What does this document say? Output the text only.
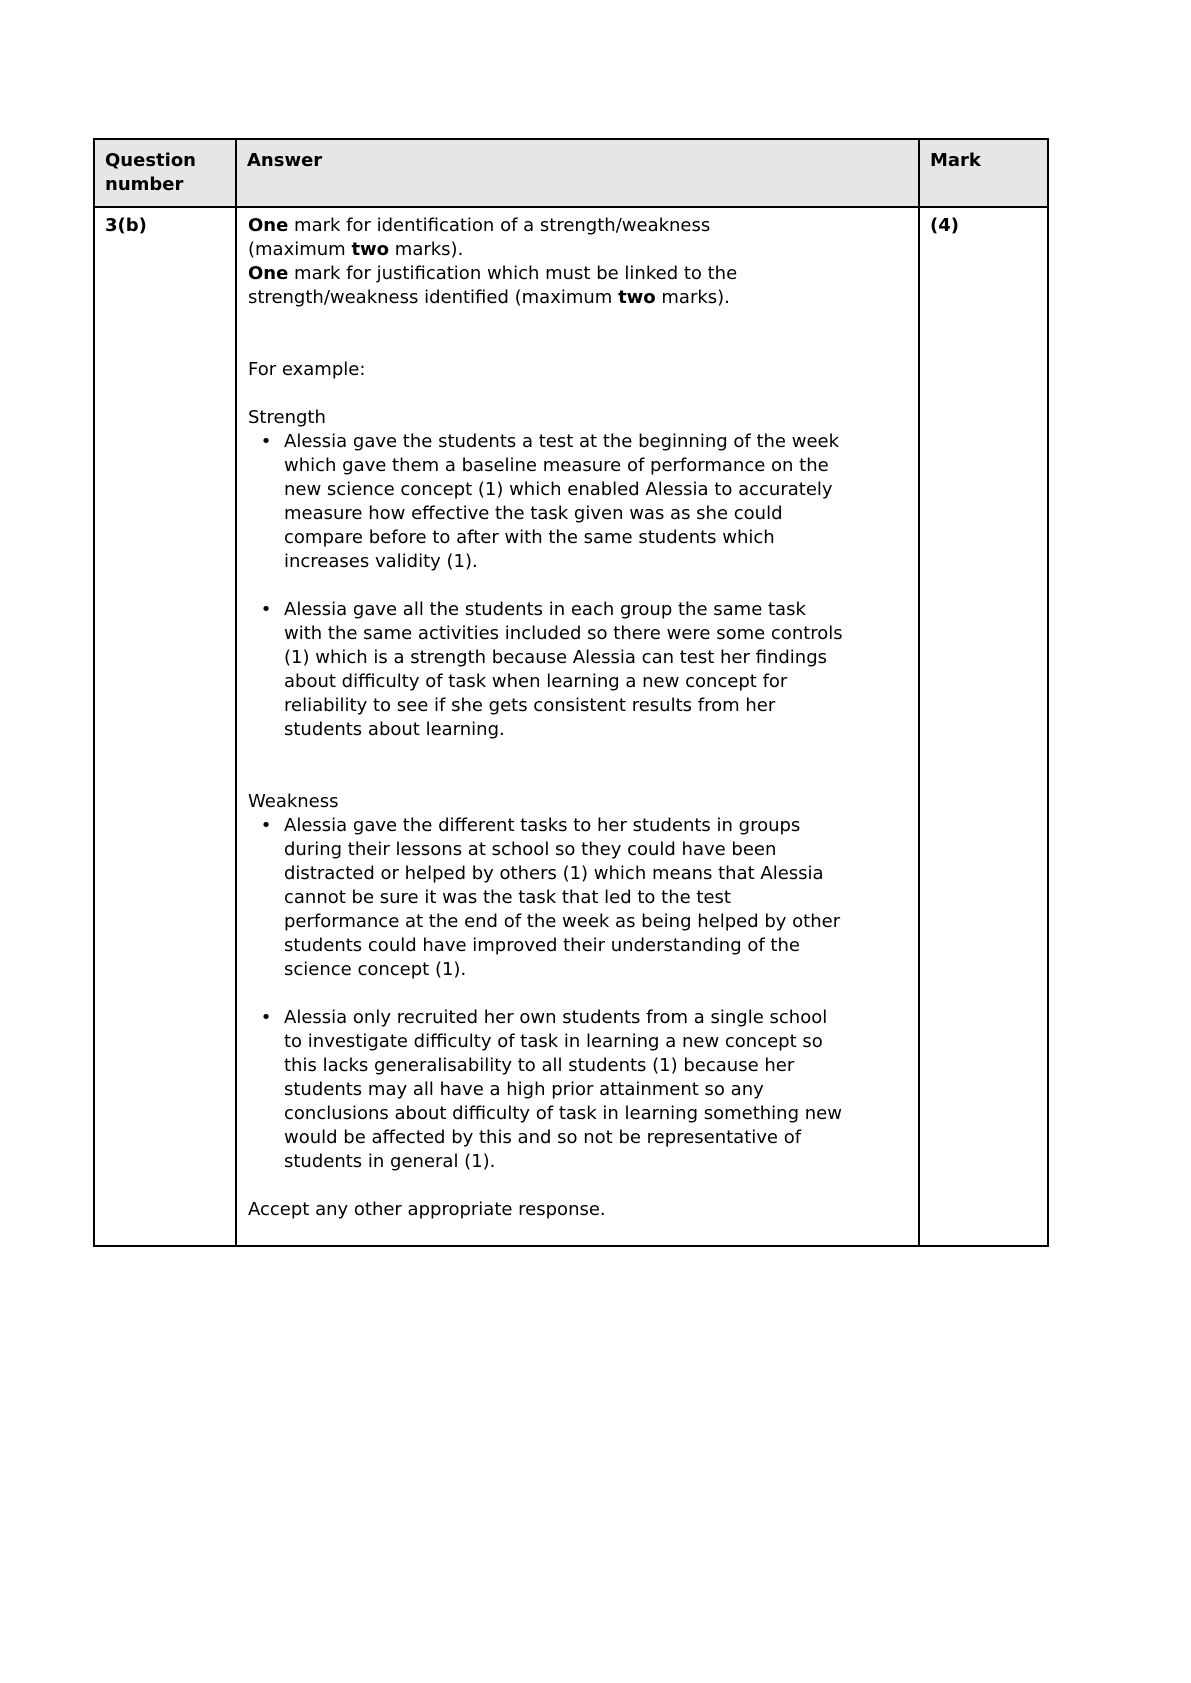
Question number
Answer	Mark
3(b)	One mark for identification of a strength/weakness
(maximum two marks).
One mark for justification which must be linked to the
strength/weakness identified (maximum two marks).
For example:
Strength
• Alessia gave the students a test at the beginning of the week
which gave them a baseline measure of performance on the
new science concept (1) which enabled Alessia to accurately
measure how effective the task given was as she could
compare before to after with the same students which
increases validity (1).
• Alessia gave all the students in each group the same task
with the same activities included so there were some controls
(1) which is a strength because Alessia can test her findings
about difficulty of task when learning a new concept for
reliability to see if she gets consistent results from her
students about learning.
Weakness
• Alessia gave the different tasks to her students in groups
during their lessons at school so they could have been
distracted or helped by others (1) which means that Alessia
cannot be sure it was the task that led to the test
performance at the end of the week as being helped by other
students could have improved their understanding of the
science concept (1).
• Alessia only recruited her own students from a single school
to investigate difficulty of task in learning a new concept so
this lacks generalisability to all students (1) because her
students may all have a high prior attainment so any
conclusions about difficulty of task in learning something new
would be affected by this and so not be representative of
students in general (1).
Accept any other appropriate response.
(4)
